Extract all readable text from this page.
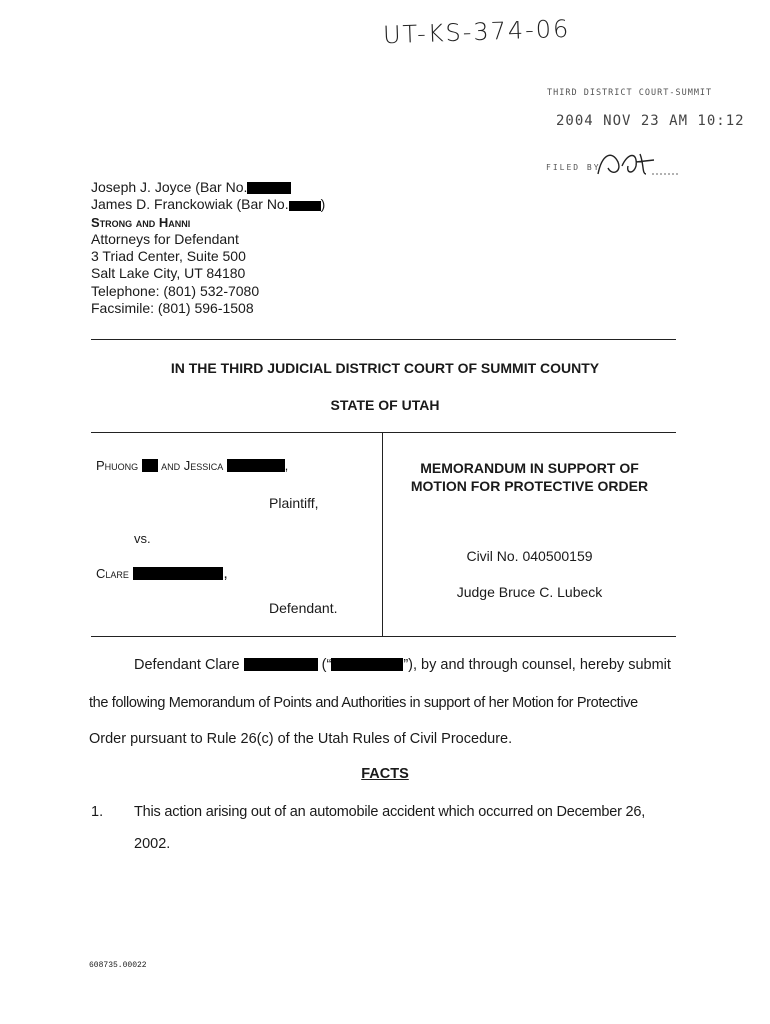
UT-KS-374-06
THIRD DISTRICT COURT-SUMMIT
2004 NOV 23 AM 10:12
FILED BY
Joseph J. Joyce (Bar No.
James D. Franckowiak (Bar No. )
Strong and Hanni
Attorneys for Defendant
3 Triad Center, Suite 500
Salt Lake City, UT 84180
Telephone: (801) 532-7080
Facsimile: (801) 596-1508
IN THE THIRD JUDICIAL DISTRICT COURT OF SUMMIT COUNTY
STATE OF UTAH
Phuong and Jessica	,
Plaintiff,
vs.
Clare	,
Defendant.
MEMORANDUM IN SUPPORT OF
MOTION FOR PROTECTIVE ORDER
Civil No. 040500159
Judge Bruce C. Lubeck
Defendant Clare	(“	”), by and through counsel, hereby submit
the following Memorandum of Points and Authorities in support of her Motion for Protective
Order pursuant to Rule 26(c) of the Utah Rules of Civil Procedure.
FACTS
1. This action arising out of an automobile accident which occurred on December 26,
2002.
608735.00022
